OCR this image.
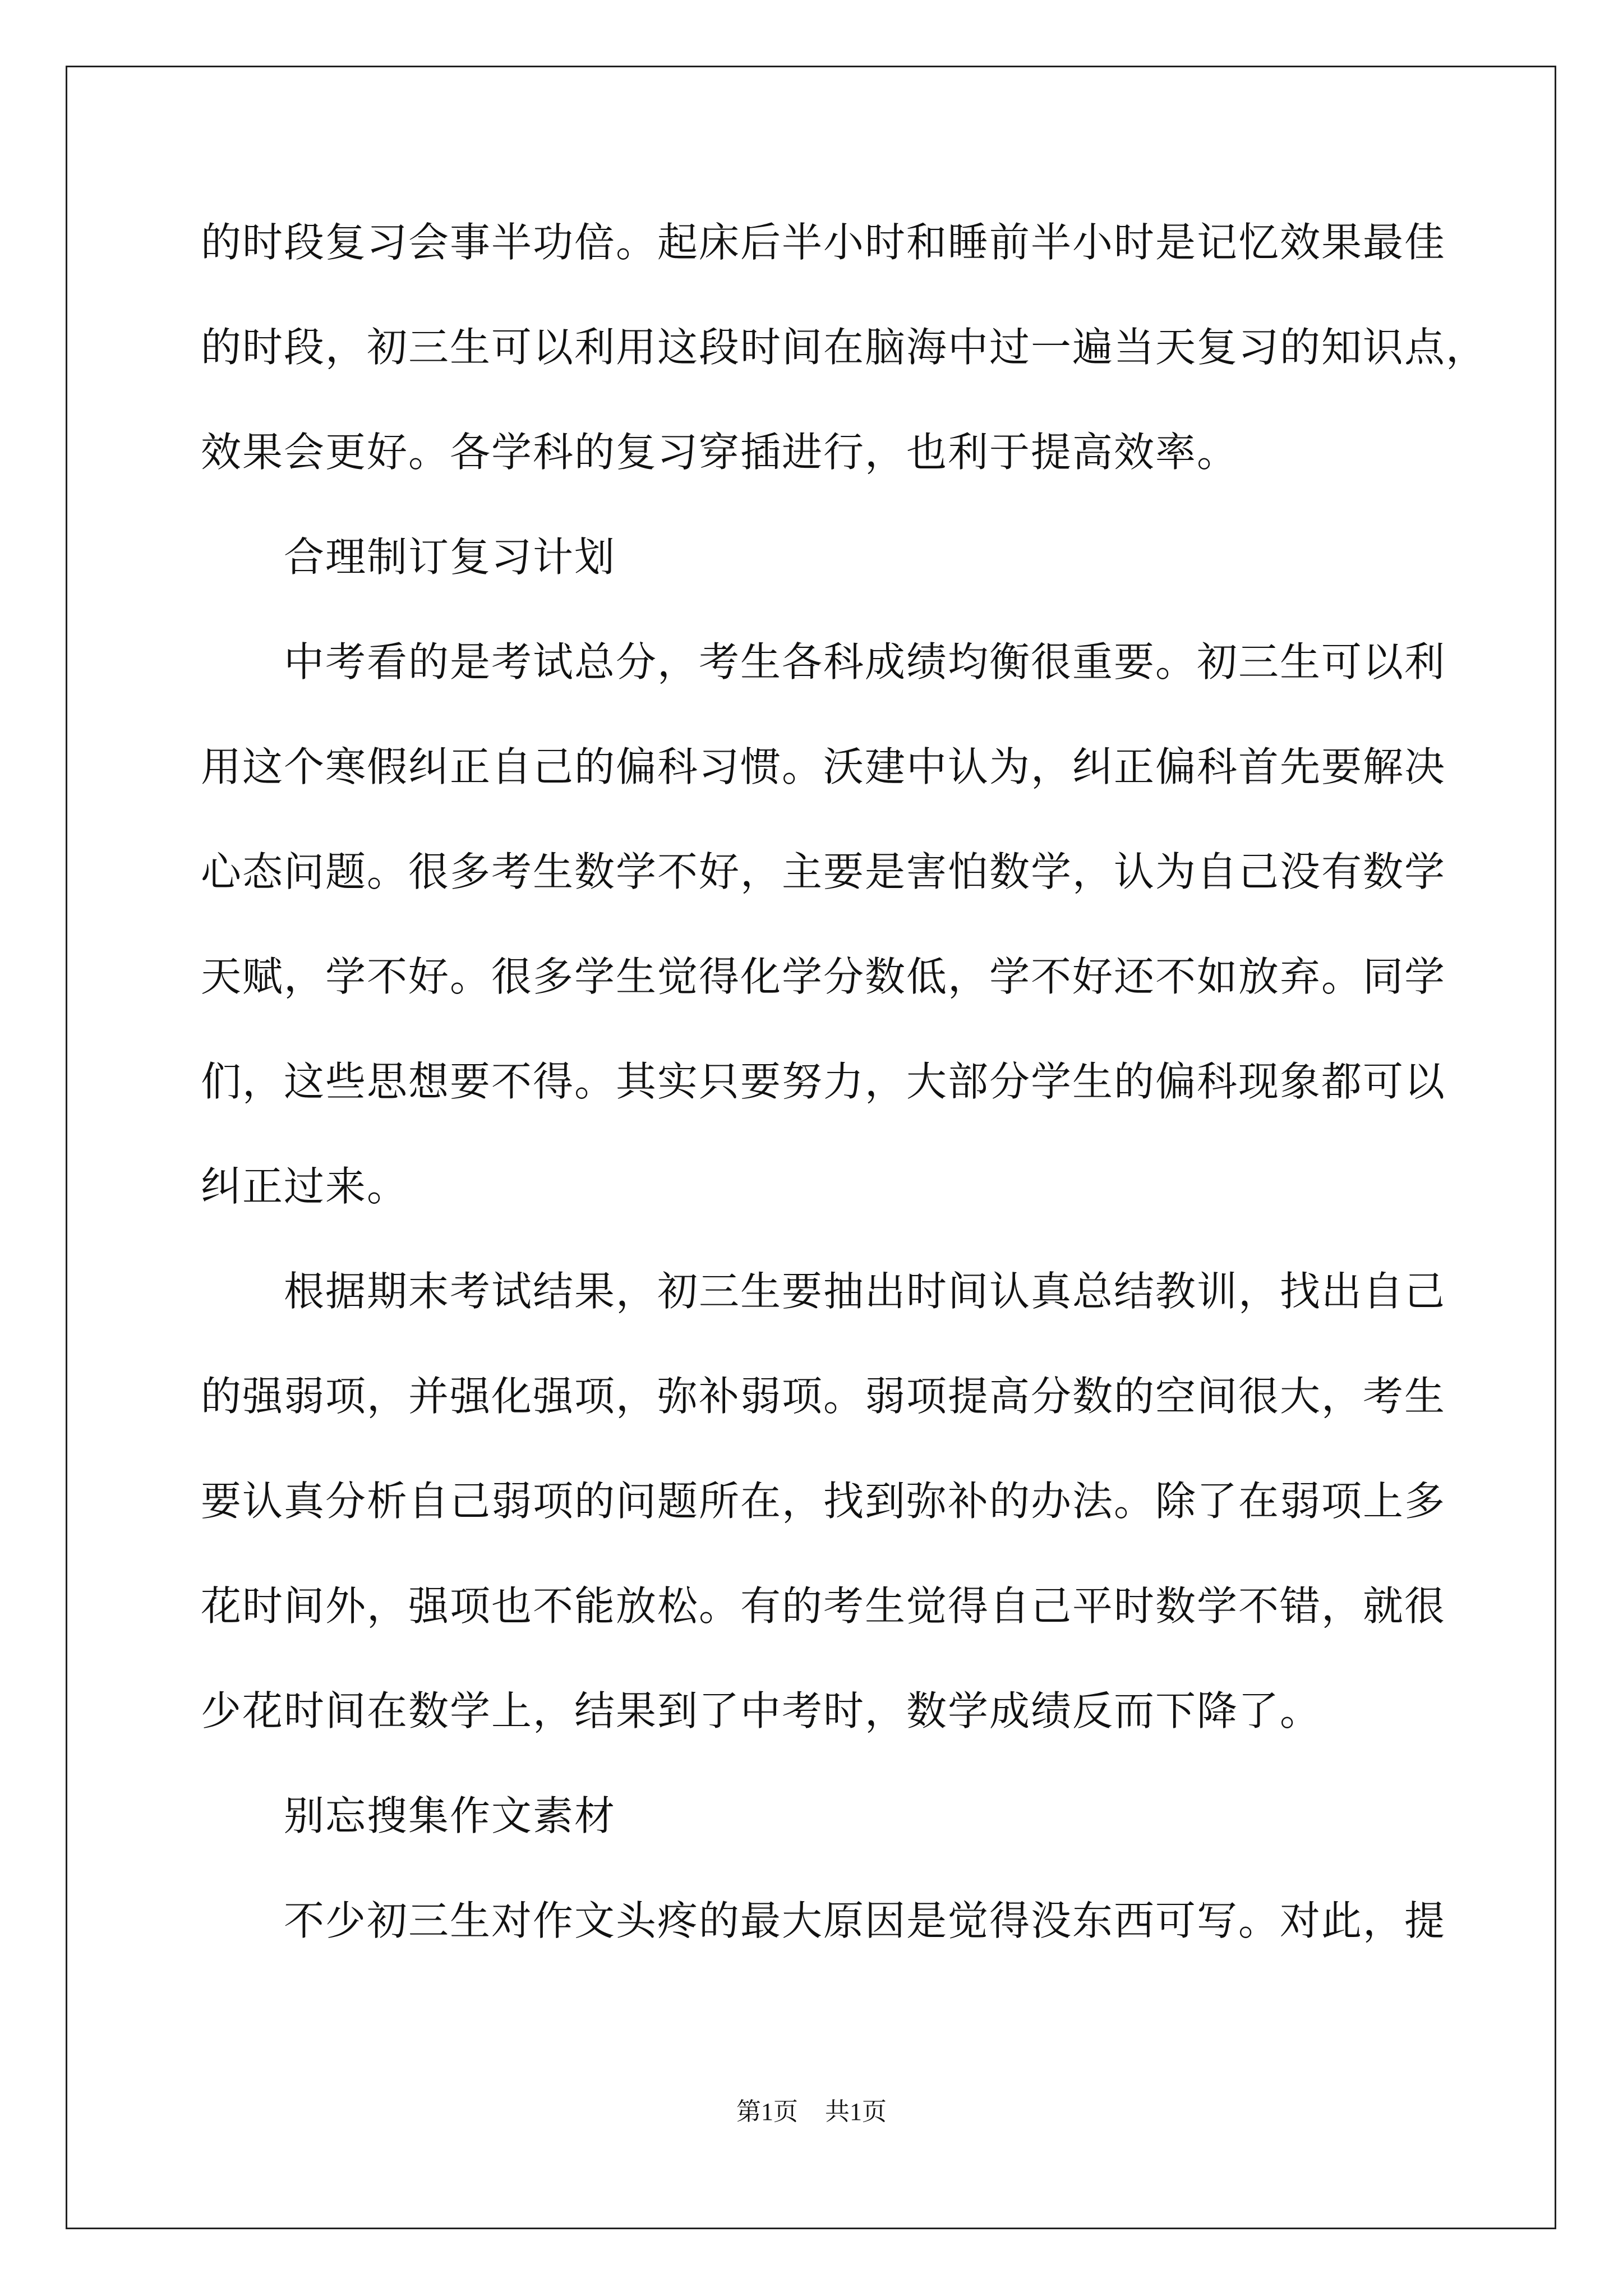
的时段复习会事半功倍。起床后半小时和睡前半小时是记忆效果最佳
的时段，初三生可以利用这段时间在脑海中过一遍当天复习的知识点，
效果会更好。各学科的复习穿插进行，也利于提高效率。
合理制订复习计划
中考看的是考试总分，考生各科成绩均衡很重要。初三生可以利
用这个寒假纠正自己的偏科习惯。沃建中认为，纠正偏科首先要解决
心态问题。很多考生数学不好，主要是害怕数学，认为自己没有数学
天赋，学不好。很多学生觉得化学分数低，学不好还不如放弃。同学
们，这些思想要不得。其实只要努力，大部分学生的偏科现象都可以
纠正过来。
根据期末考试结果，初三生要抽出时间认真总结教训，找出自己
的强弱项，并强化强项，弥补弱项。弱项提高分数的空间很大，考生
要认真分析自己弱项的问题所在，找到弥补的办法。除了在弱项上多
花时间外，强项也不能放松。有的考生觉得自己平时数学不错，就很
少花时间在数学上，结果到了中考时，数学成绩反而下降了。
别忘搜集作文素材
不少初三生对作文头疼的最大原因是觉得没东西可写。对此，提
第1页 共1页
